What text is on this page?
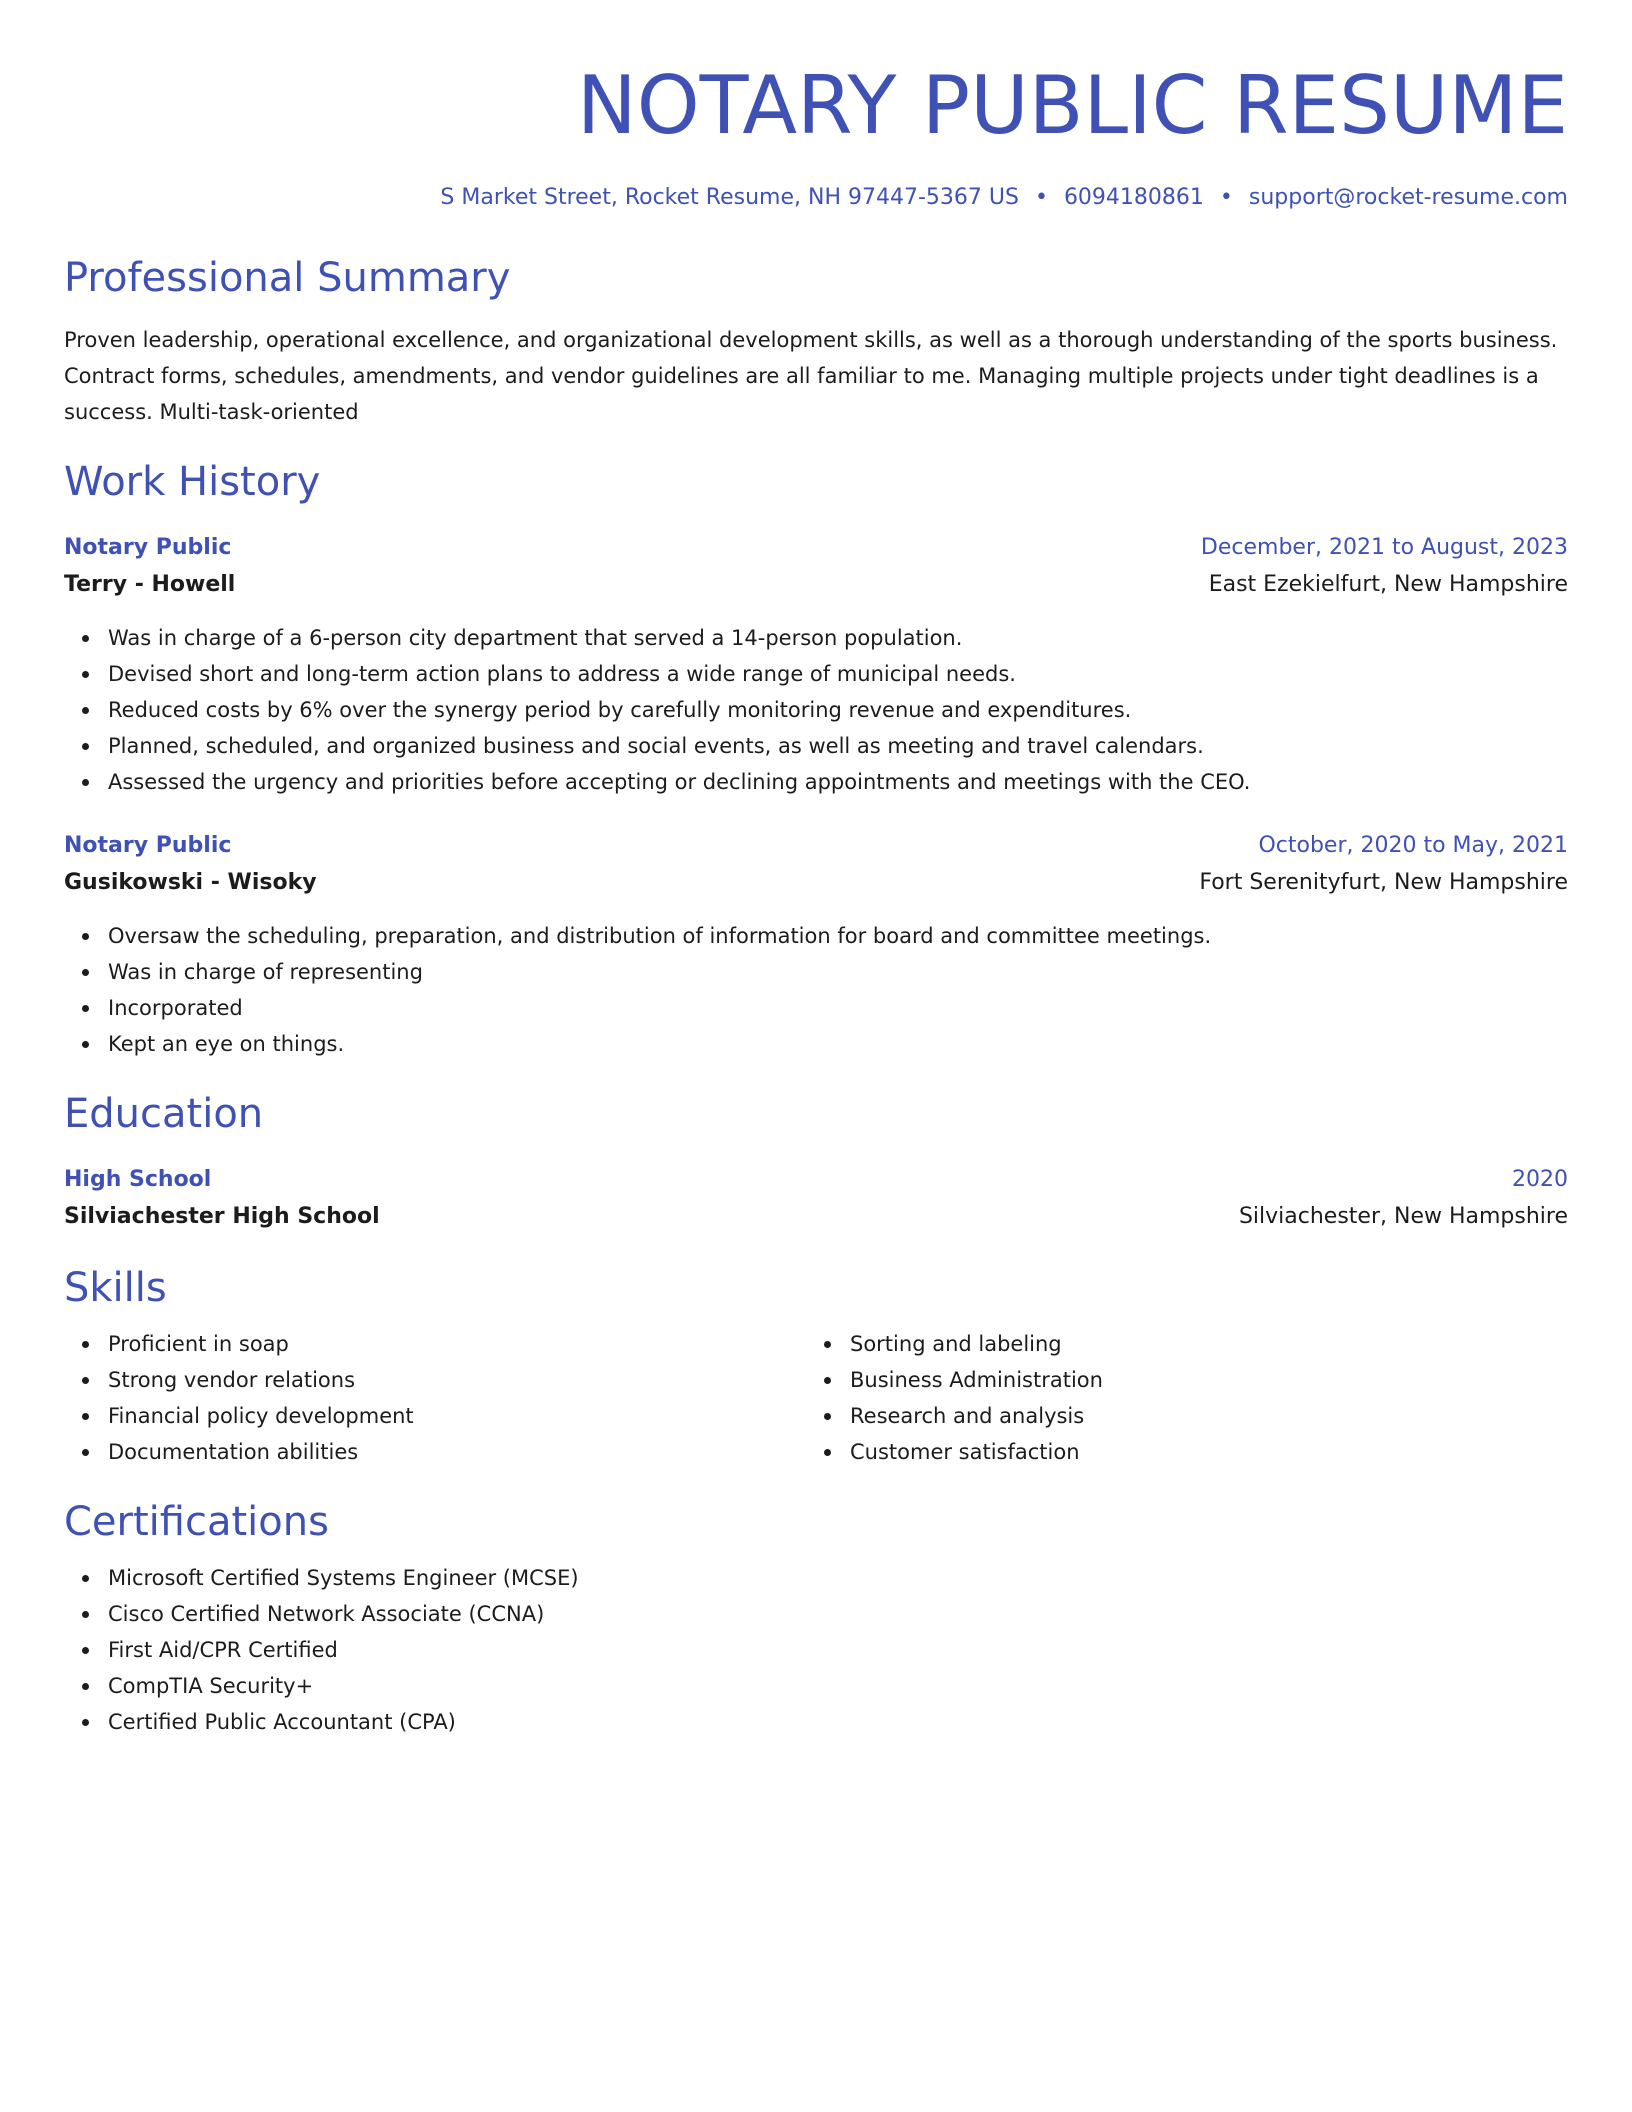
NOTARY PUBLIC RESUME
S Market Street, Rocket Resume, NH 97447-5367 US • 6094180861 • support@rocket-resume.com
Professional Summary
Proven leadership, operational excellence, and organizational development skills, as well as a thorough understanding of the sports business. Contract forms, schedules, amendments, and vendor guidelines are all familiar to me. Managing multiple projects under tight deadlines is a success. Multi-task-oriented
Work History
Notary Public	December, 2021 to August, 2023
Terry - Howell	East Ezekielfurt, New Hampshire
Was in charge of a 6-person city department that served a 14-person population.
Devised short and long-term action plans to address a wide range of municipal needs.
Reduced costs by 6% over the synergy period by carefully monitoring revenue and expenditures.
Planned, scheduled, and organized business and social events, as well as meeting and travel calendars.
Assessed the urgency and priorities before accepting or declining appointments and meetings with the CEO.
Notary Public	October, 2020 to May, 2021
Gusikowski - Wisoky	Fort Serenityfurt, New Hampshire
Oversaw the scheduling, preparation, and distribution of information for board and committee meetings.
Was in charge of representing
Incorporated
Kept an eye on things.
Education
High School	2020
Silviachester High School	Silviachester, New Hampshire
Skills
Proficient in soap
Strong vendor relations
Financial policy development
Documentation abilities
Sorting and labeling
Business Administration
Research and analysis
Customer satisfaction
Certifications
Microsoft Certified Systems Engineer (MCSE)
Cisco Certified Network Associate (CCNA)
First Aid/CPR Certified
CompTIA Security+
Certified Public Accountant (CPA)
